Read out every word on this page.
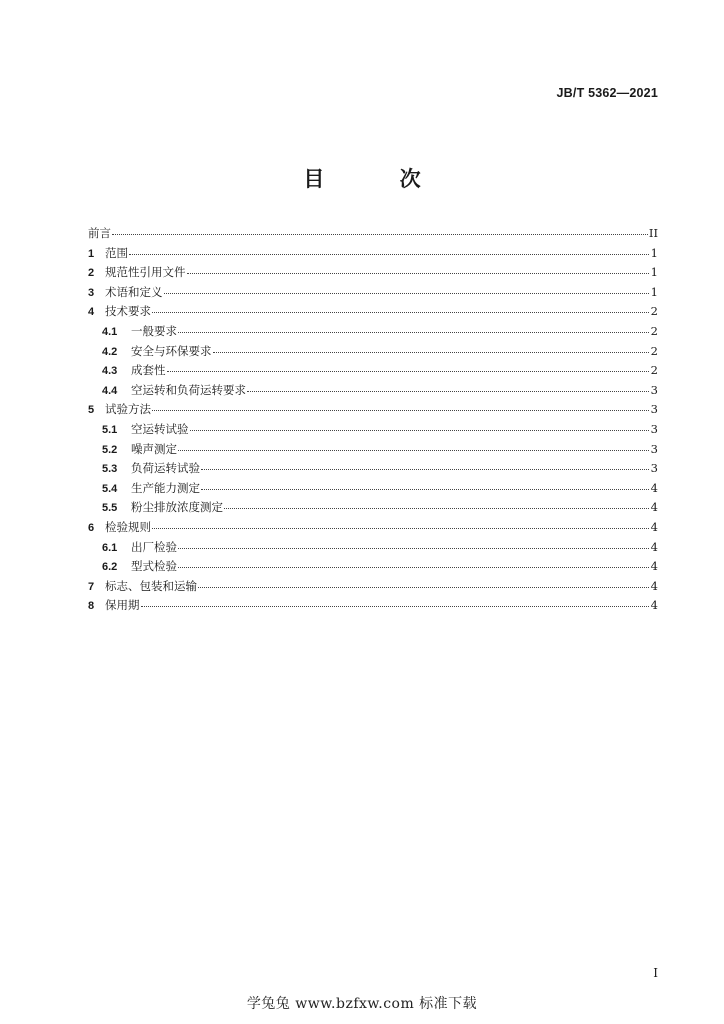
JB/T 5362—2021
目 次
前言	II
1 范围	1
2 规范性引用文件	1
3 术语和定义	1
4 技术要求	2
4.1	一般要求	2
4.2	安全与环保要求	2
4.3	成套性	2
4.4	空运转和负荷运转要求	3
5 试验方法	3
5.1	空运转试验	3
5.2	噪声测定	3
5.3	负荷运转试验	3
5.4	生产能力测定	4
5.5	粉尘排放浓度测定	4
6 检验规则	4
6.1	出厂检验	4
6.2	型式检验	4
7 标志、包装和运输	4
8 保用期	4
I
学兔兔 www.bzfxw.com 标准下载
